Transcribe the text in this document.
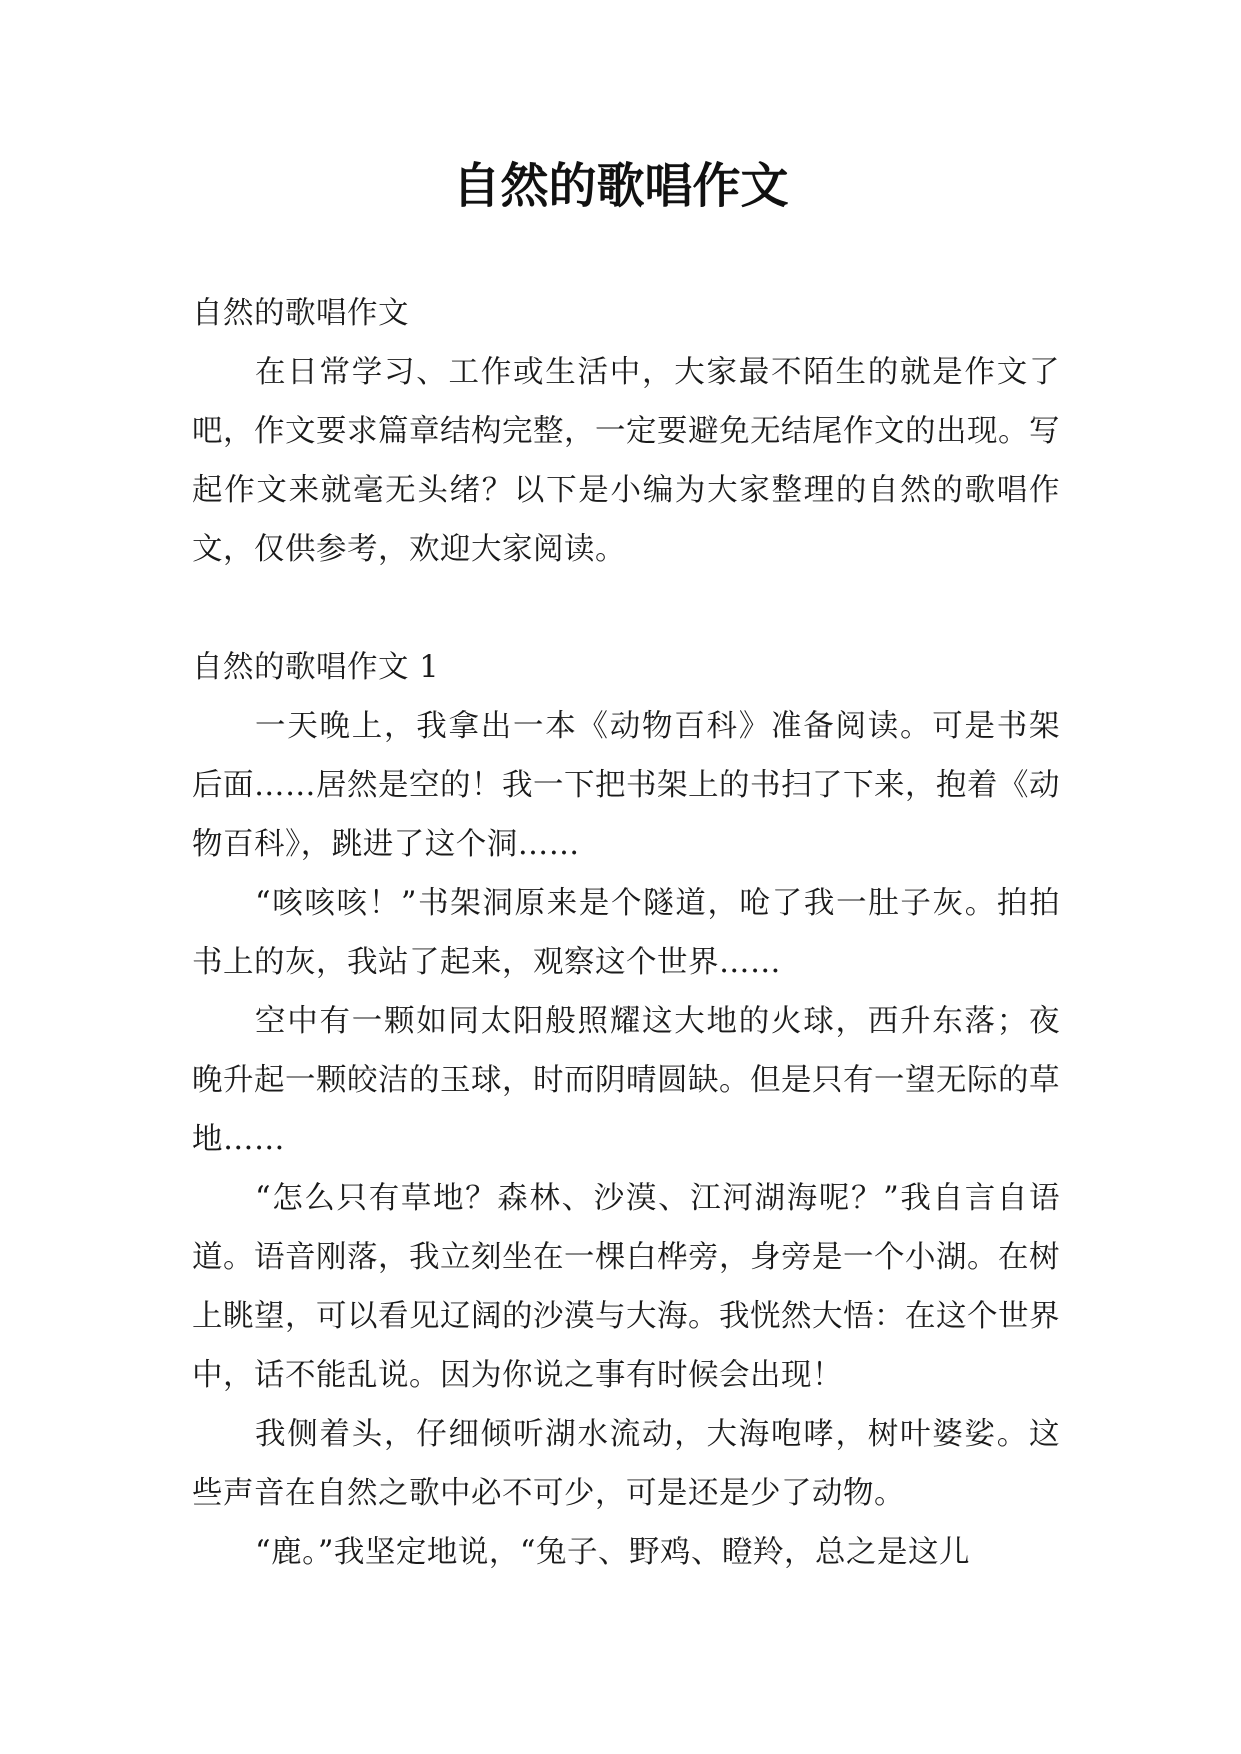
自然的歌唱作文

自然的歌唱作文

在日常学习、工作或生活中，大家最不陌生的就是作文了吧，作文要求篇章结构完整，一定要避免无结尾作文的出现。写起作文来就毫无头绪？以下是小编为大家整理的自然的歌唱作文，仅供参考，欢迎大家阅读。

自然的歌唱作文 1

一天晚上，我拿出一本《动物百科》准备阅读。可是书架后面……居然是空的！我一下把书架上的书扫了下来，抱着《动物百科》，跳进了这个洞……

“咳咳咳！”书架洞原来是个隧道，呛了我一肚子灰。拍拍书上的灰，我站了起来，观察这个世界……

空中有一颗如同太阳般照耀这大地的火球，西升东落；夜晚升起一颗皎洁的玉球，时而阴晴圆缺。但是只有一望无际的草地……

“怎么只有草地？森林、沙漠、江河湖海呢？”我自言自语道。语音刚落，我立刻坐在一棵白桦旁，身旁是一个小湖。在树上眺望，可以看见辽阔的沙漠与大海。我恍然大悟：在这个世界中，话不能乱说。因为你说之事有时候会出现！

我侧着头，仔细倾听湖水流动，大海咆哮，树叶婆娑。这些声音在自然之歌中必不可少，可是还是少了动物。

“鹿。”我坚定地说，“兔子、野鸡、瞪羚，总之是这儿
